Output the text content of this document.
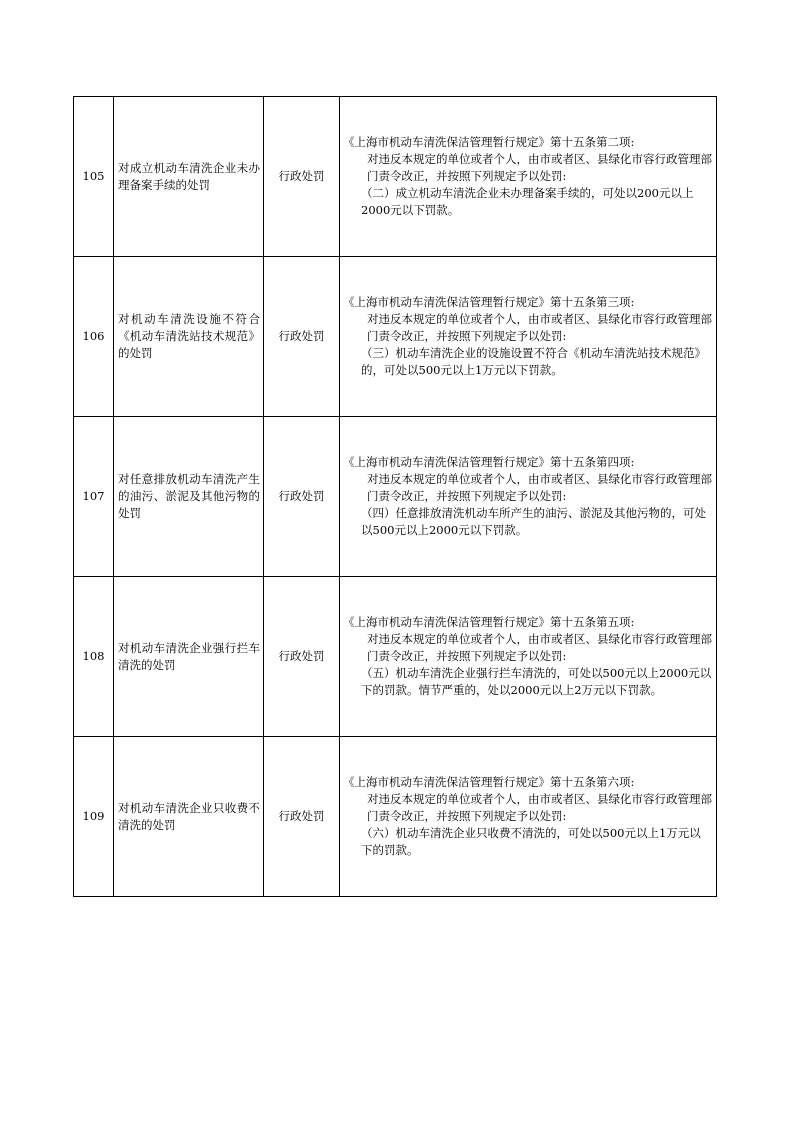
105	对成立机动车清洗企业未办理备案手续的处罚	行政处罚	《上海市机动车清洗保洁管理暂行规定》第十五条第二项:
对违反本规定的单位或者个人，由市或者区、县绿化市容行政管理部门责令改正，并按照下列规定予以处罚:
（二）成立机动车清洗企业未办理备案手续的，可处以200元以上2000元以下罚款。

106	对机动车清洗设施不符合《机动车清洗站技术规范》的处罚	行政处罚	《上海市机动车清洗保洁管理暂行规定》第十五条第三项:
对违反本规定的单位或者个人，由市或者区、县绿化市容行政管理部门责令改正，并按照下列规定予以处罚:
（三）机动车清洗企业的设施设置不符合《机动车清洗站技术规范》的，可处以500元以上1万元以下罚款。

107	对任意排放机动车清洗产生的油污、淤泥及其他污物的处罚	行政处罚	《上海市机动车清洗保洁管理暂行规定》第十五条第四项:
对违反本规定的单位或者个人，由市或者区、县绿化市容行政管理部门责令改正，并按照下列规定予以处罚:
（四）任意排放清洗机动车所产生的油污、淤泥及其他污物的，可处以500元以上2000元以下罚款。

108	对机动车清洗企业强行拦车清洗的处罚	行政处罚	《上海市机动车清洗保洁管理暂行规定》第十五条第五项:
对违反本规定的单位或者个人，由市或者区、县绿化市容行政管理部门责令改正，并按照下列规定予以处罚:
（五）机动车清洗企业强行拦车清洗的，可处以500元以上2000元以下的罚款。情节严重的，处以2000元以上2万元以下罚款。

109	对机动车清洗企业只收费不清洗的处罚	行政处罚	《上海市机动车清洗保洁管理暂行规定》第十五条第六项:
对违反本规定的单位或者个人，由市或者区、县绿化市容行政管理部门责令改正，并按照下列规定予以处罚:
（六）机动车清洗企业只收费不清洗的，可处以500元以上1万元以下的罚款。
